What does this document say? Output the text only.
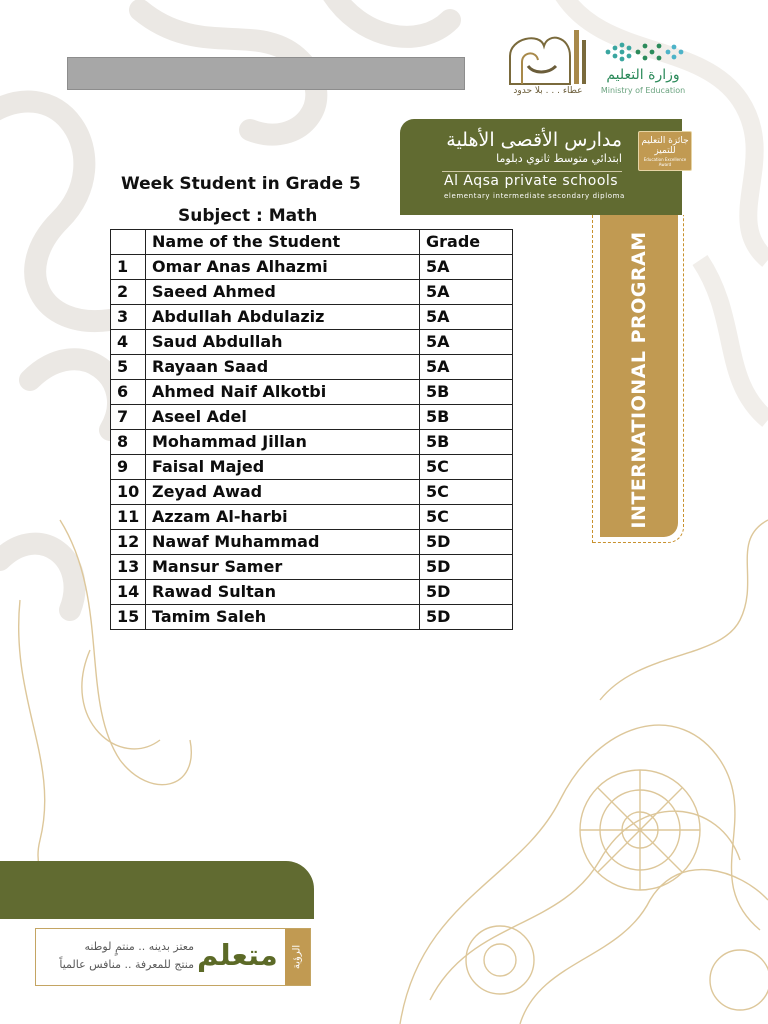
عطاء . . . بلا حدود
وزارة التعليم
Ministry of Education
مدارس الأقصى الأهلية
ابتدائي متوسط ثانوي دبلوما
Al Aqsa private schools
elementary intermediate secondary diploma
جائزة التعليم للتميز
Education Excellence Award
INTERNATIONAL PROGRAM
Week Student in Grade 5
Subject : Math
	Name of the Student	Grade
1	Omar Anas Alhazmi	5A
2	Saeed Ahmed	5A
3	Abdullah Abdulaziz	5A
4	Saud Abdullah	5A
5	Rayaan Saad	5A
6	Ahmed Naif Alkotbi	5B
7	Aseel Adel	5B
8	Mohammad Jillan	5B
9	Faisal Majed	5C
10	Zeyad Awad	5C
11	Azzam Al-harbi	5C
12	Nawaf Muhammad	5D
13	Mansur Samer	5D
14	Rawad Sultan	5D
15	Tamim Saleh	5D
الرؤية
متعلم
معتز بدينه .. منتمٍ لوطنه
منتج للمعرفة .. منافس عالمياً
